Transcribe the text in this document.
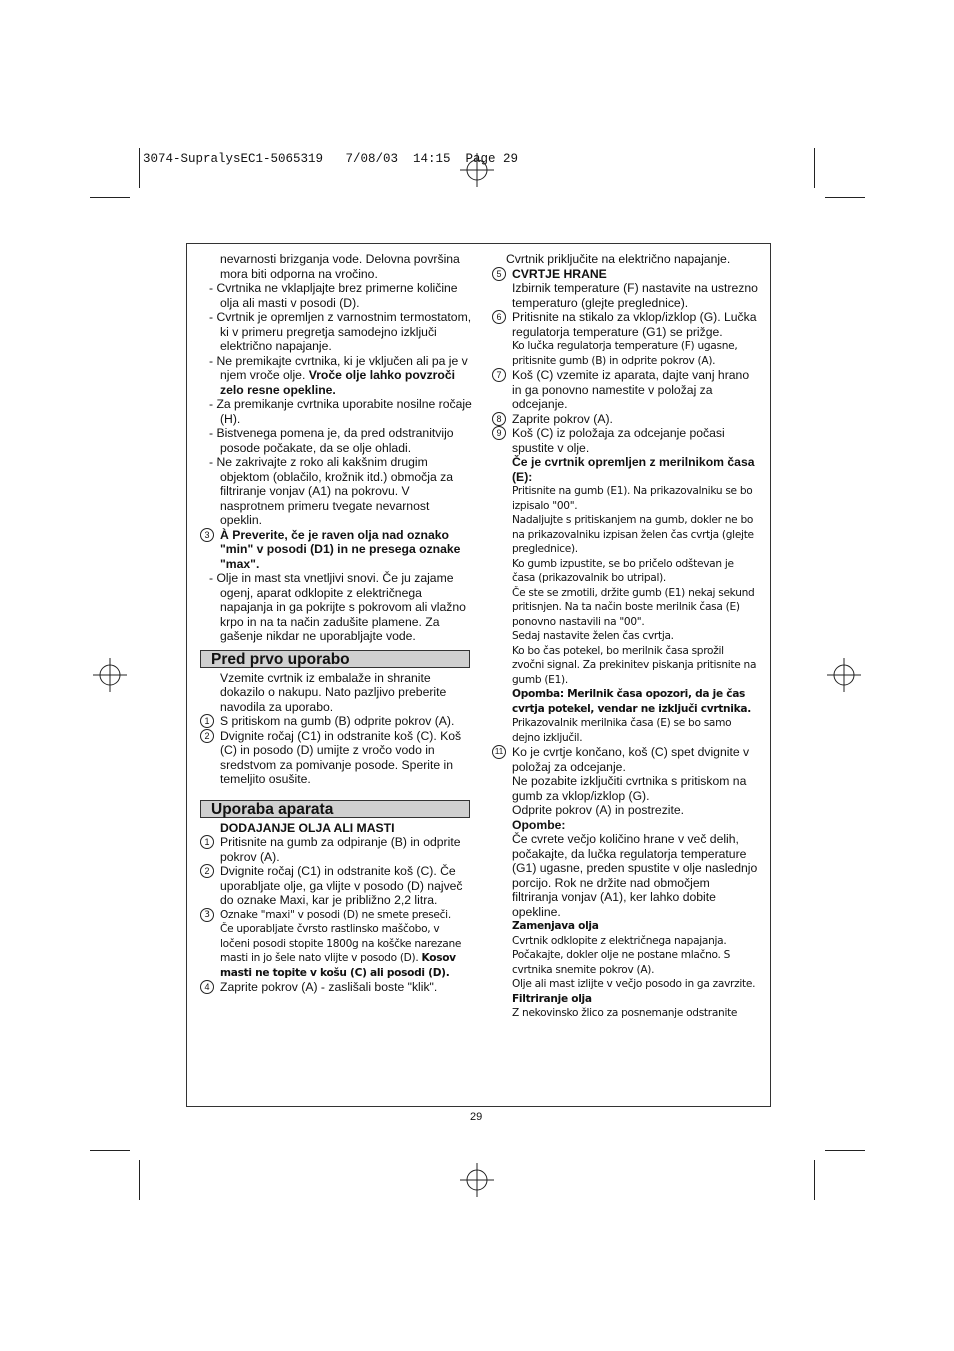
3074-SupralysEC1-5065319   7/08/03  14:15  Page 29

nevarnosti brizganja vode. Delovna površina mora biti odporna na vročino.

- Cvrtnika ne vklapljajte brez primerne količine olja ali masti v posodi (D).

- Cvrtnik je opremljen z varnostnim termostatom, ki v primeru pregretja samodejno izključi električno napajanje.

- Ne premikajte cvrtnika, ki je vključen ali pa je v njem vroče olje. Vroče olje lahko povzroči zelo resne opekline.

- Za premikanje cvrtnika uporabite nosilne ročaje (H).

- Bistvenega pomena je, da pred odstranitvijo posode počakate, da se olje ohladi.

- Ne zakrivajte z roko ali kakšnim drugim objektom (oblačilo, krožnik itd.) območja za filtriranje vonjav (A1) na pokrovu. V nasprotnem primeru tvegate nevarnost opeklin.

3 À Preverite, če je raven olja nad oznako "min" v posodi (D1) in ne presega oznake "max".

- Olje in mast sta vnetljivi snovi. Če ju zajame ogenj, aparat odklopite z električnega napajanja in ga pokrijte s pokrovom ali vlažno krpo in na ta način zadušite plamene. Za gašenje nikdar ne uporabljajte vode.

Pred prvo uporabo

Vzemite cvrtnik iz embalaže in shranite dokazilo o nakupu. Nato pazljivo preberite navodila za uporabo.

1 S pritiskom na gumb (B) odprite pokrov (A).

2 Dvignite ročaj (C1) in odstranite koš (C). Koš (C) in posodo (D) umijte z vročo vodo in sredstvom za pomivanje posode. Sperite in temeljito osušite.

Uporaba aparata

DODAJANJE OLJA ALI MASTI

1 Pritisnite na gumb za odpiranje (B) in odprite pokrov (A).

2 Dvignite ročaj (C1) in odstranite koš (C). Če uporabljate olje, ga vlijte v posodo (D) največ do oznake Maxi, kar je približno 2,2 litra.

3 Oznake "maxi" v posodi (D) ne smete preseči.
Če uporabljate čvrsto rastlinsko maščobo, v ločeni posodi stopite 1800g na koščke narezane masti in jo šele nato vlijte v posodo (D). Kosov masti ne topite v košu (C) ali posodi (D).

4 Zaprite pokrov (A) - zaslišali boste "klik".

Cvrtnik priključite na električno napajanje.

5 CVRTJE HRANE
Izbirnik temperature (F) nastavite na ustrezno temperaturo (glejte preglednice).

6 Pritisnite na stikalo za vklop/izklop (G). Lučka regulatorja temperature (G1) se prižge.

Ko lučka regulatorja temperature (F) ugasne, pritisnite gumb (B) in odprite pokrov (A).

7 Koš (C) vzemite iz aparata, dajte vanj hrano in ga ponovno namestite v položaj za odcejanje.

8 Zaprite pokrov (A).

9 Koš (C) iz položaja za odcejanje počasi spustite v olje.

Če je cvrtnik opremljen z merilnikom časa (E):

Pritisnite na gumb (E1). Na prikazovalniku se bo izpisalo "00".

Nadaljujte s pritiskanjem na gumb, dokler ne bo na prikazovalniku izpisan želen čas cvrtja (glejte preglednice).

Ko gumb izpustite, se bo pričelo odštevan je časa (prikazovalnik bo utripal).

Če ste se zmotili, držite gumb (E1) nekaj sekund pritisnjen. Na ta način boste merilnik časa (E) ponovno nastavili na "00".

Sedaj nastavite želen čas cvrtja.

Ko bo čas potekel, bo merilnik časa sprožil zvočni signal. Za prekinitev piskanja pritisnite na gumb (E1).

Opomba: Merilnik časa opozori, da je čas cvrtja potekel, vendar ne izključi cvrtnika.

Prikazovalnik merilnika časa (E) se bo samo dejno izključil.

11 Ko je cvrtje končano, koš (C) spet dvignite v položaj za odcejanje.

Ne pozabite izključiti cvrtnika s pritiskom na gumb za vklop/izklop (G).

Odprite pokrov (A) in postrezite.

Opombe:

Če cvrete večjo količino hrane v več delih, počakajte, da lučka regulatorja temperature (G1) ugasne, preden spustite v olje naslednjo porcijo. Rok ne držite nad območjem filtriranja vonjav (A1), ker lahko dobite opekline.

Zamenjava olja

Cvrtnik odklopite z električnega napajanja. Počakajte, dokler olje ne postane mlačno. S cvrtnika snemite pokrov (A).

Olje ali mast izlijte v večjo posodo in ga zavrzite.

Filtriranje olja

Z nekovinsko žlico za posnemanje odstranite

29
